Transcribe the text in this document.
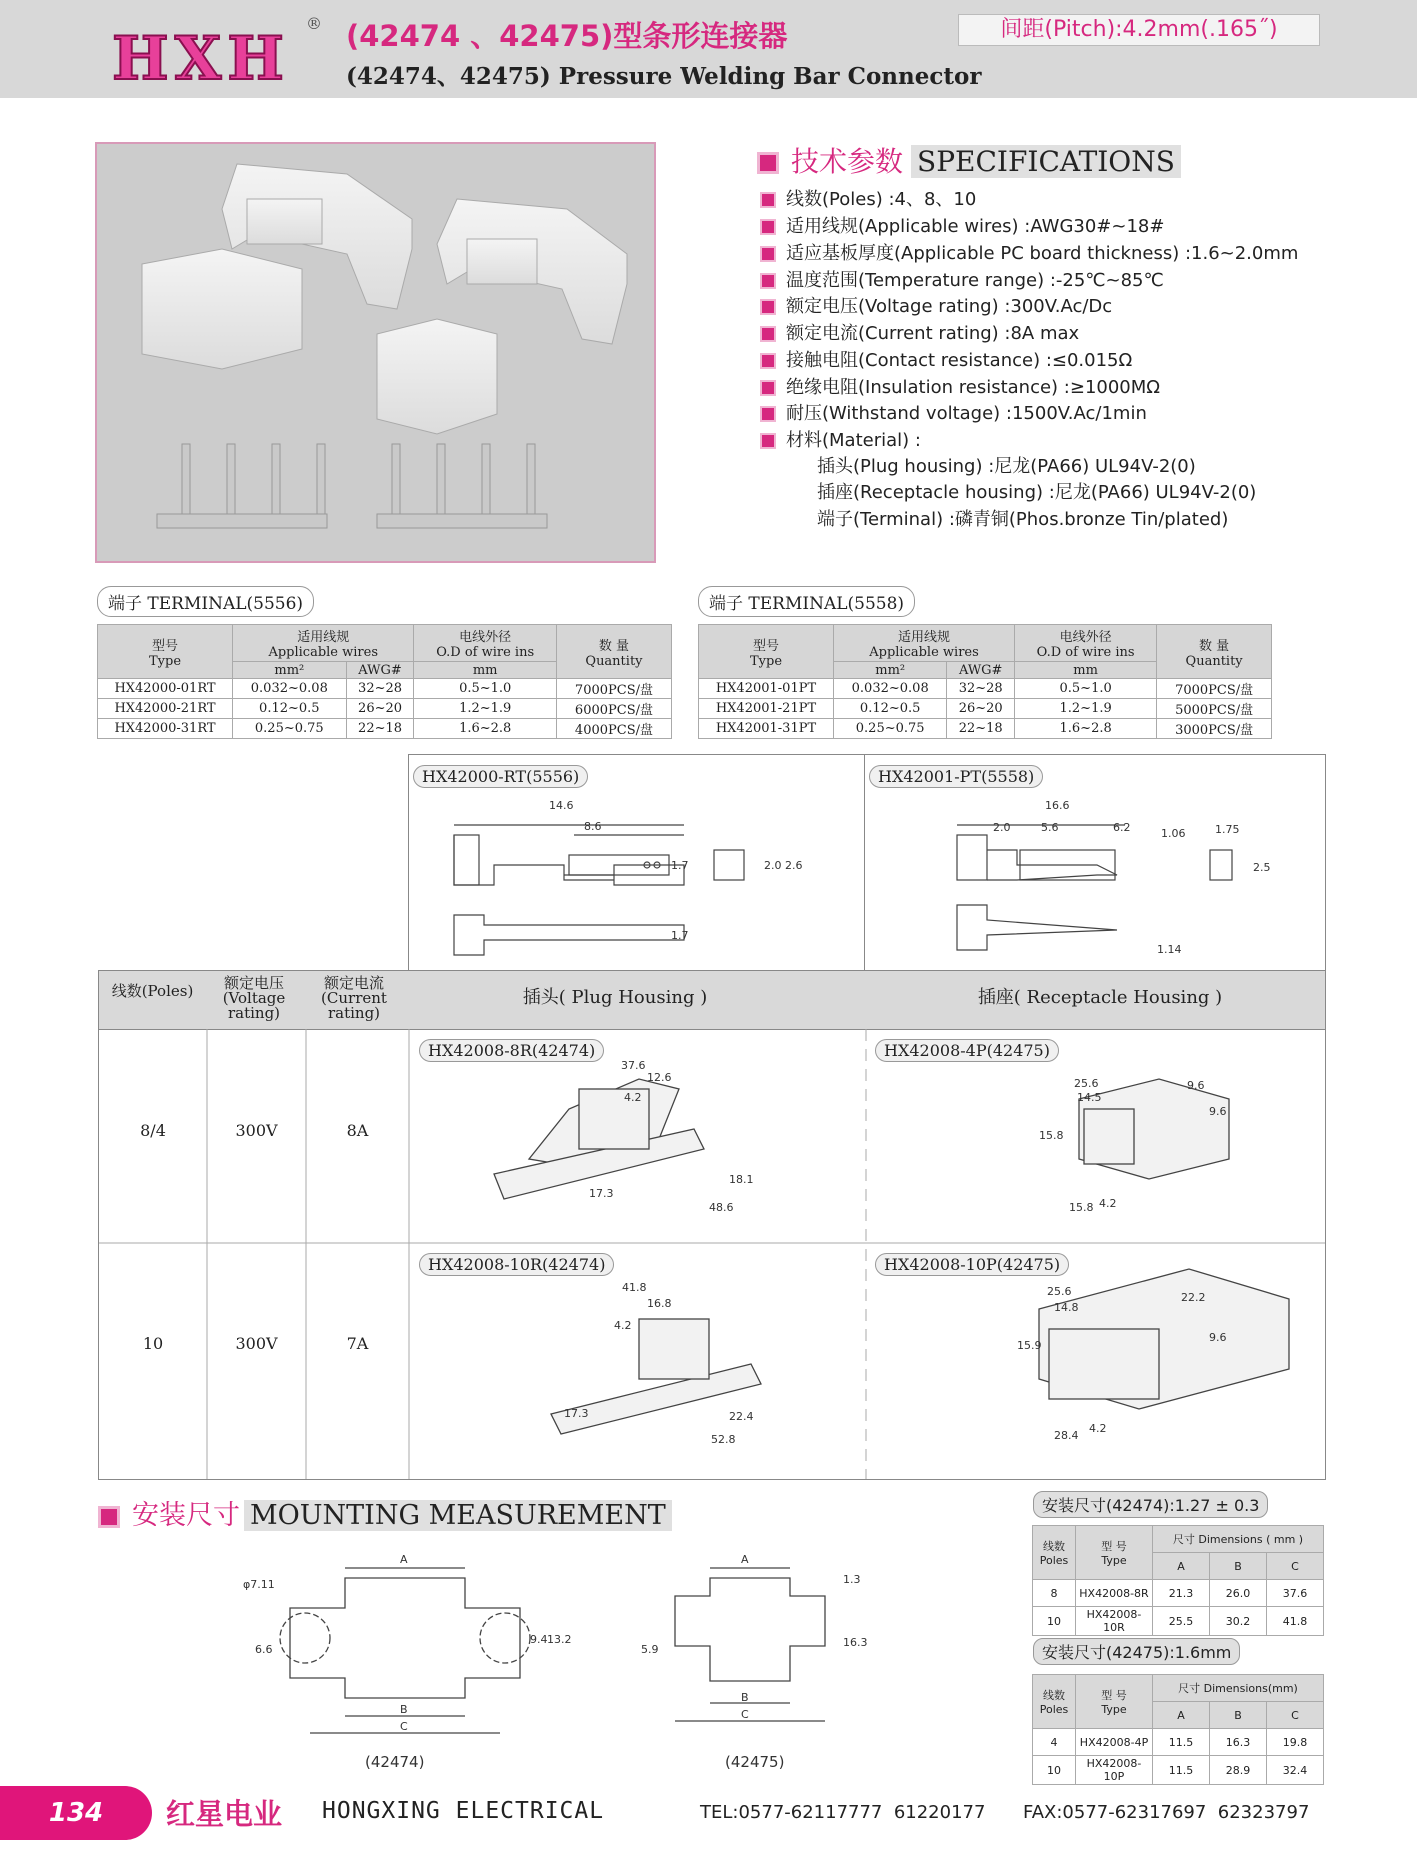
HXH
® (42474 、42475)型条形连接器
(42474、42475) Pressure Welding Bar Connector
间距(Pitch):4.2mm(.165˝)
技术参数 SPECIFICATIONS
线数(Poles) :4、8、10
适用线规(Applicable wires) :AWG30#~18#
适应基板厚度(Applicable PC board thickness) :1.6~2.0mm
温度范围(Temperature range) :-25℃~85℃
额定电压(Voltage rating) :300V.Ac/Dc
额定电流(Current rating) :8A max
接触电阻(Contact resistance) :≤0.015Ω
绝缘电阻(Insulation resistance) :≥1000MΩ
耐压(Withstand voltage) :1500V.Ac/1min
材料(Material) :
插头(Plug housing) :尼龙(PA66) UL94V-2(0)
插座(Receptacle housing) :尼龙(PA66) UL94V-2(0)
端子(Terminal) :磷青铜(Phos.bronze Tin/plated)
端子 TERMINAL(5556)
型号
Type	适用线规
Applicable wires		电线外径
O.D of wire ins	数 量
Quantity
	mm²	AWG#	mm	
HX42000-01RT	0.032~0.08	32~28	0.5~1.0	7000PCS/盘
HX42000-21RT	0.12~0.5	26~20	1.2~1.9	6000PCS/盘
HX42000-31RT	0.25~0.75	22~18	1.6~2.8	4000PCS/盘
端子 TERMINAL(5558)
型号
Type	适用线规
Applicable wires		电线外径
O.D of wire ins	数 量
Quantity
	mm²	AWG#	mm	
HX42001-01PT	0.032~0.08	32~28	0.5~1.0	7000PCS/盘
HX42001-21PT	0.12~0.5	26~20	1.2~1.9	5000PCS/盘
HX42001-31PT	0.25~0.75	22~18	1.6~2.8	3000PCS/盘
HX42000-RT(5556)
14.6
8.6
1.7	2.0 2.6
1.7
HX42001-PT(5558)
16.6
2.0	5.6	6.2	1.06	1.75
2.5
1.14
线数(Poles)	额定电压(Voltage rating)
额定电流(Current rating)
插头( Plug Housing )	插座( Receptacle Housing )
8/4	300V	8A
HX42008-8R(42474)
37.6
12.6
4.2
17.3
18.1
48.6
HX42008-4P(42475)
25.6
14.5
9.6
9.6
15.8
15.8 4.2
10	300V	7A
HX42008-10R(42474)
41.8
16.8
4.2
17.3	22.4
52.8
HX42008-10P(42475)
25.6
14.8
22.2
9.6
15.9
28.4
4.2
安装尺寸 MOUNTING MEASUREMENT
φ7.11
A
6.6
9.4 13.2
B
C
(42474)
A
1.3
5.9
16.3
B
C
(42475)
安装尺寸(42474):1.27 ± 0.3
线数
Poles	型 号
Type	尺寸 Dimensions ( mm )		
		A	B	C
8	HX42008-8R	21.3	26.0	37.6
10	HX42008-10R	25.5	30.2	41.8
安装尺寸(42475):1.6mm
线数
Poles	型 号
Type	尺寸 Dimensions(mm)		
		A	B	C
4	HX42008-4P	11.5	16.3	19.8
10	HX42008-10P	11.5	28.9	32.4
134	红星电业 HONGXING ELECTRICAL	TEL:0577-62117777  61220177 FAX:0577-62317697  62323797
